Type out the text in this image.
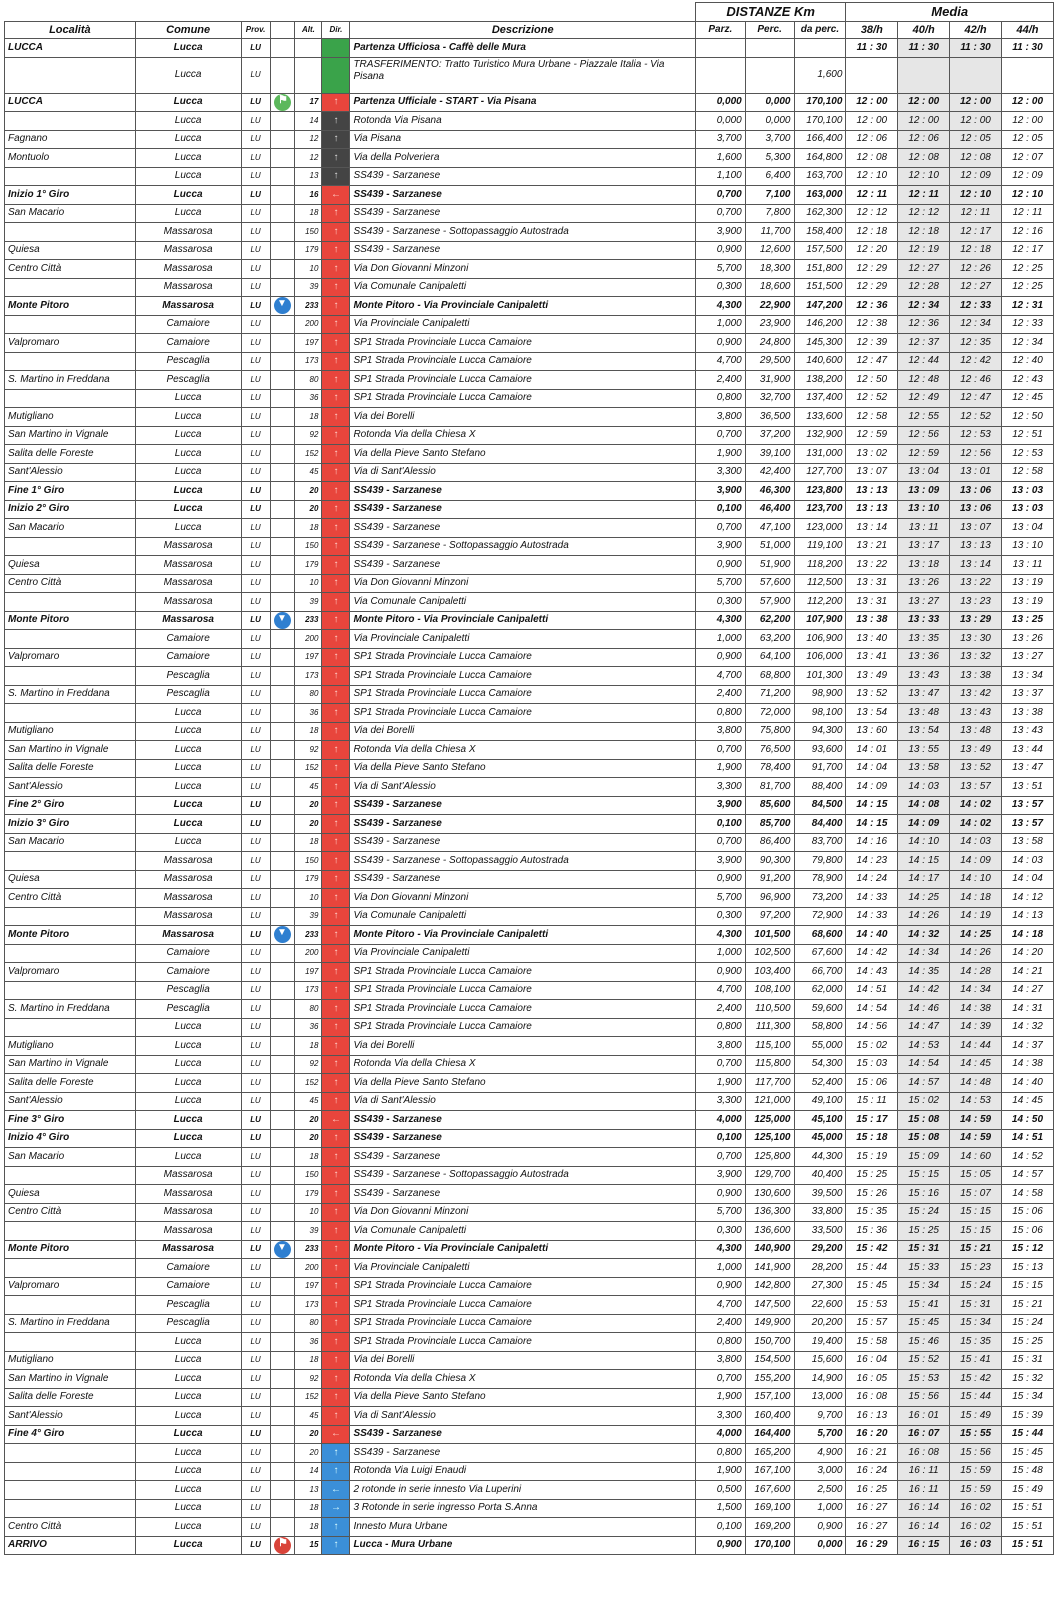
							DISTANZE Km			Media			
Località	Comune	Prov.		Alt.	Dir.	Descrizione	Parz.	Perc.	da perc.	38/h	40/h	42/h	44/h
LUCCA	Lucca	LU				Partenza Ufficiosa - Caffè delle Mura				11 : 30	11 : 30	11 : 30	11 : 30
	Lucca	LU				TRASFERIMENTO: Tratto Turistico Mura Urbane - Piazzale Italia - Via Pisana			1,600				
LUCCA	Lucca	LU	⚑	17	↑	Partenza Ufficiale - START - Via Pisana	0,000	0,000	170,100	12 : 00	12 : 00	12 : 00	12 : 00
	Lucca	LU		14	↑	Rotonda Via Pisana	0,000	0,000	170,100	12 : 00	12 : 00	12 : 00	12 : 00
Fagnano	Lucca	LU		12	↑	Via Pisana	3,700	3,700	166,400	12 : 06	12 : 06	12 : 05	12 : 05
Montuolo	Lucca	LU		12	↑	Via della Polveriera	1,600	5,300	164,800	12 : 08	12 : 08	12 : 08	12 : 07
	Lucca	LU		13	↑	SS439 - Sarzanese	1,100	6,400	163,700	12 : 10	12 : 10	12 : 09	12 : 09
Inizio 1° Giro	Lucca	LU		16	←	SS439 - Sarzanese	0,700	7,100	163,000	12 : 11	12 : 11	12 : 10	12 : 10
San Macario	Lucca	LU		18	↑	SS439 - Sarzanese	0,700	7,800	162,300	12 : 12	12 : 12	12 : 11	12 : 11
	Massarosa	LU		150	↑	SS439 - Sarzanese - Sottopassaggio Autostrada	3,900	11,700	158,400	12 : 18	12 : 18	12 : 17	12 : 16
Quiesa	Massarosa	LU		179	↑	SS439 - Sarzanese	0,900	12,600	157,500	12 : 20	12 : 19	12 : 18	12 : 17
Centro Città	Massarosa	LU		10	↑	Via Don Giovanni Minzoni	5,700	18,300	151,800	12 : 29	12 : 27	12 : 26	12 : 25
	Massarosa	LU		39	↑	Via Comunale Canipaletti	0,300	18,600	151,500	12 : 29	12 : 28	12 : 27	12 : 25
Monte Pitoro	Massarosa	LU	▼	233	↑	Monte Pitoro - Via Provinciale Canipaletti	4,300	22,900	147,200	12 : 36	12 : 34	12 : 33	12 : 31
	Camaiore	LU		200	↑	Via Provinciale Canipaletti	1,000	23,900	146,200	12 : 38	12 : 36	12 : 34	12 : 33
Valpromaro	Camaiore	LU		197	↑	SP1 Strada Provinciale Lucca Camaiore	0,900	24,800	145,300	12 : 39	12 : 37	12 : 35	12 : 34
	Pescaglia	LU		173	↑	SP1 Strada Provinciale Lucca Camaiore	4,700	29,500	140,600	12 : 47	12 : 44	12 : 42	12 : 40
S. Martino in Freddana	Pescaglia	LU		80	↑	SP1 Strada Provinciale Lucca Camaiore	2,400	31,900	138,200	12 : 50	12 : 48	12 : 46	12 : 43
	Lucca	LU		36	↑	SP1 Strada Provinciale Lucca Camaiore	0,800	32,700	137,400	12 : 52	12 : 49	12 : 47	12 : 45
Mutigliano	Lucca	LU		18	↑	Via dei Borelli	3,800	36,500	133,600	12 : 58	12 : 55	12 : 52	12 : 50
San Martino in Vignale	Lucca	LU		92	↑	Rotonda Via della Chiesa X	0,700	37,200	132,900	12 : 59	12 : 56	12 : 53	12 : 51
Salita delle Foreste	Lucca	LU		152	↑	Via della Pieve Santo Stefano	1,900	39,100	131,000	13 : 02	12 : 59	12 : 56	12 : 53
Sant'Alessio	Lucca	LU		45	↑	Via di Sant'Alessio	3,300	42,400	127,700	13 : 07	13 : 04	13 : 01	12 : 58
Fine 1° Giro	Lucca	LU		20	↑	SS439 - Sarzanese	3,900	46,300	123,800	13 : 13	13 : 09	13 : 06	13 : 03
Inizio 2° Giro	Lucca	LU		20	↑	SS439 - Sarzanese	0,100	46,400	123,700	13 : 13	13 : 10	13 : 06	13 : 03
San Macario	Lucca	LU		18	↑	SS439 - Sarzanese	0,700	47,100	123,000	13 : 14	13 : 11	13 : 07	13 : 04
	Massarosa	LU		150	↑	SS439 - Sarzanese - Sottopassaggio Autostrada	3,900	51,000	119,100	13 : 21	13 : 17	13 : 13	13 : 10
Quiesa	Massarosa	LU		179	↑	SS439 - Sarzanese	0,900	51,900	118,200	13 : 22	13 : 18	13 : 14	13 : 11
Centro Città	Massarosa	LU		10	↑	Via Don Giovanni Minzoni	5,700	57,600	112,500	13 : 31	13 : 26	13 : 22	13 : 19
	Massarosa	LU		39	↑	Via Comunale Canipaletti	0,300	57,900	112,200	13 : 31	13 : 27	13 : 23	13 : 19
Monte Pitoro	Massarosa	LU	▼	233	↑	Monte Pitoro - Via Provinciale Canipaletti	4,300	62,200	107,900	13 : 38	13 : 33	13 : 29	13 : 25
	Camaiore	LU		200	↑	Via Provinciale Canipaletti	1,000	63,200	106,900	13 : 40	13 : 35	13 : 30	13 : 26
Valpromaro	Camaiore	LU		197	↑	SP1 Strada Provinciale Lucca Camaiore	0,900	64,100	106,000	13 : 41	13 : 36	13 : 32	13 : 27
	Pescaglia	LU		173	↑	SP1 Strada Provinciale Lucca Camaiore	4,700	68,800	101,300	13 : 49	13 : 43	13 : 38	13 : 34
S. Martino in Freddana	Pescaglia	LU		80	↑	SP1 Strada Provinciale Lucca Camaiore	2,400	71,200	98,900	13 : 52	13 : 47	13 : 42	13 : 37
	Lucca	LU		36	↑	SP1 Strada Provinciale Lucca Camaiore	0,800	72,000	98,100	13 : 54	13 : 48	13 : 43	13 : 38
Mutigliano	Lucca	LU		18	↑	Via dei Borelli	3,800	75,800	94,300	13 : 60	13 : 54	13 : 48	13 : 43
San Martino in Vignale	Lucca	LU		92	↑	Rotonda Via della Chiesa X	0,700	76,500	93,600	14 : 01	13 : 55	13 : 49	13 : 44
Salita delle Foreste	Lucca	LU		152	↑	Via della Pieve Santo Stefano	1,900	78,400	91,700	14 : 04	13 : 58	13 : 52	13 : 47
Sant'Alessio	Lucca	LU		45	↑	Via di Sant'Alessio	3,300	81,700	88,400	14 : 09	14 : 03	13 : 57	13 : 51
Fine 2° Giro	Lucca	LU		20	↑	SS439 - Sarzanese	3,900	85,600	84,500	14 : 15	14 : 08	14 : 02	13 : 57
Inizio 3° Giro	Lucca	LU		20	↑	SS439 - Sarzanese	0,100	85,700	84,400	14 : 15	14 : 09	14 : 02	13 : 57
San Macario	Lucca	LU		18	↑	SS439 - Sarzanese	0,700	86,400	83,700	14 : 16	14 : 10	14 : 03	13 : 58
	Massarosa	LU		150	↑	SS439 - Sarzanese - Sottopassaggio Autostrada	3,900	90,300	79,800	14 : 23	14 : 15	14 : 09	14 : 03
Quiesa	Massarosa	LU		179	↑	SS439 - Sarzanese	0,900	91,200	78,900	14 : 24	14 : 17	14 : 10	14 : 04
Centro Città	Massarosa	LU		10	↑	Via Don Giovanni Minzoni	5,700	96,900	73,200	14 : 33	14 : 25	14 : 18	14 : 12
	Massarosa	LU		39	↑	Via Comunale Canipaletti	0,300	97,200	72,900	14 : 33	14 : 26	14 : 19	14 : 13
Monte Pitoro	Massarosa	LU	▼	233	↑	Monte Pitoro - Via Provinciale Canipaletti	4,300	101,500	68,600	14 : 40	14 : 32	14 : 25	14 : 18
	Camaiore	LU		200	↑	Via Provinciale Canipaletti	1,000	102,500	67,600	14 : 42	14 : 34	14 : 26	14 : 20
Valpromaro	Camaiore	LU		197	↑	SP1 Strada Provinciale Lucca Camaiore	0,900	103,400	66,700	14 : 43	14 : 35	14 : 28	14 : 21
	Pescaglia	LU		173	↑	SP1 Strada Provinciale Lucca Camaiore	4,700	108,100	62,000	14 : 51	14 : 42	14 : 34	14 : 27
S. Martino in Freddana	Pescaglia	LU		80	↑	SP1 Strada Provinciale Lucca Camaiore	2,400	110,500	59,600	14 : 54	14 : 46	14 : 38	14 : 31
	Lucca	LU		36	↑	SP1 Strada Provinciale Lucca Camaiore	0,800	111,300	58,800	14 : 56	14 : 47	14 : 39	14 : 32
Mutigliano	Lucca	LU		18	↑	Via dei Borelli	3,800	115,100	55,000	15 : 02	14 : 53	14 : 44	14 : 37
San Martino in Vignale	Lucca	LU		92	↑	Rotonda Via della Chiesa X	0,700	115,800	54,300	15 : 03	14 : 54	14 : 45	14 : 38
Salita delle Foreste	Lucca	LU		152	↑	Via della Pieve Santo Stefano	1,900	117,700	52,400	15 : 06	14 : 57	14 : 48	14 : 40
Sant'Alessio	Lucca	LU		45	↑	Via di Sant'Alessio	3,300	121,000	49,100	15 : 11	15 : 02	14 : 53	14 : 45
Fine 3° Giro	Lucca	LU		20	←	SS439 - Sarzanese	4,000	125,000	45,100	15 : 17	15 : 08	14 : 59	14 : 50
Inizio 4° Giro	Lucca	LU		20	↑	SS439 - Sarzanese	0,100	125,100	45,000	15 : 18	15 : 08	14 : 59	14 : 51
San Macario	Lucca	LU		18	↑	SS439 - Sarzanese	0,700	125,800	44,300	15 : 19	15 : 09	14 : 60	14 : 52
	Massarosa	LU		150	↑	SS439 - Sarzanese - Sottopassaggio Autostrada	3,900	129,700	40,400	15 : 25	15 : 15	15 : 05	14 : 57
Quiesa	Massarosa	LU		179	↑	SS439 - Sarzanese	0,900	130,600	39,500	15 : 26	15 : 16	15 : 07	14 : 58
Centro Città	Massarosa	LU		10	↑	Via Don Giovanni Minzoni	5,700	136,300	33,800	15 : 35	15 : 24	15 : 15	15 : 06
	Massarosa	LU		39	↑	Via Comunale Canipaletti	0,300	136,600	33,500	15 : 36	15 : 25	15 : 15	15 : 06
Monte Pitoro	Massarosa	LU	▼	233	↑	Monte Pitoro - Via Provinciale Canipaletti	4,300	140,900	29,200	15 : 42	15 : 31	15 : 21	15 : 12
	Camaiore	LU		200	↑	Via Provinciale Canipaletti	1,000	141,900	28,200	15 : 44	15 : 33	15 : 23	15 : 13
Valpromaro	Camaiore	LU		197	↑	SP1 Strada Provinciale Lucca Camaiore	0,900	142,800	27,300	15 : 45	15 : 34	15 : 24	15 : 15
	Pescaglia	LU		173	↑	SP1 Strada Provinciale Lucca Camaiore	4,700	147,500	22,600	15 : 53	15 : 41	15 : 31	15 : 21
S. Martino in Freddana	Pescaglia	LU		80	↑	SP1 Strada Provinciale Lucca Camaiore	2,400	149,900	20,200	15 : 57	15 : 45	15 : 34	15 : 24
	Lucca	LU		36	↑	SP1 Strada Provinciale Lucca Camaiore	0,800	150,700	19,400	15 : 58	15 : 46	15 : 35	15 : 25
Mutigliano	Lucca	LU		18	↑	Via dei Borelli	3,800	154,500	15,600	16 : 04	15 : 52	15 : 41	15 : 31
San Martino in Vignale	Lucca	LU		92	↑	Rotonda Via della Chiesa X	0,700	155,200	14,900	16 : 05	15 : 53	15 : 42	15 : 32
Salita delle Foreste	Lucca	LU		152	↑	Via della Pieve Santo Stefano	1,900	157,100	13,000	16 : 08	15 : 56	15 : 44	15 : 34
Sant'Alessio	Lucca	LU		45	↑	Via di Sant'Alessio	3,300	160,400	9,700	16 : 13	16 : 01	15 : 49	15 : 39
Fine 4° Giro	Lucca	LU		20	←	SS439 - Sarzanese	4,000	164,400	5,700	16 : 20	16 : 07	15 : 55	15 : 44
	Lucca	LU		20	↑	SS439 - Sarzanese	0,800	165,200	4,900	16 : 21	16 : 08	15 : 56	15 : 45
	Lucca	LU		14	↑	Rotonda Via Luigi Enaudi	1,900	167,100	3,000	16 : 24	16 : 11	15 : 59	15 : 48
	Lucca	LU		13	←	2 rotonde in serie innesto Via Luperini	0,500	167,600	2,500	16 : 25	16 : 11	15 : 59	15 : 49
	Lucca	LU		18	→	3 Rotonde in serie ingresso Porta S.Anna	1,500	169,100	1,000	16 : 27	16 : 14	16 : 02	15 : 51
Centro Città	Lucca	LU		18	↑	Innesto Mura Urbane	0,100	169,200	0,900	16 : 27	16 : 14	16 : 02	15 : 51
ARRIVO	Lucca	LU	⚑	15	↑	Lucca - Mura Urbane	0,900	170,100	0,000	16 : 29	16 : 15	16 : 03	15 : 51
